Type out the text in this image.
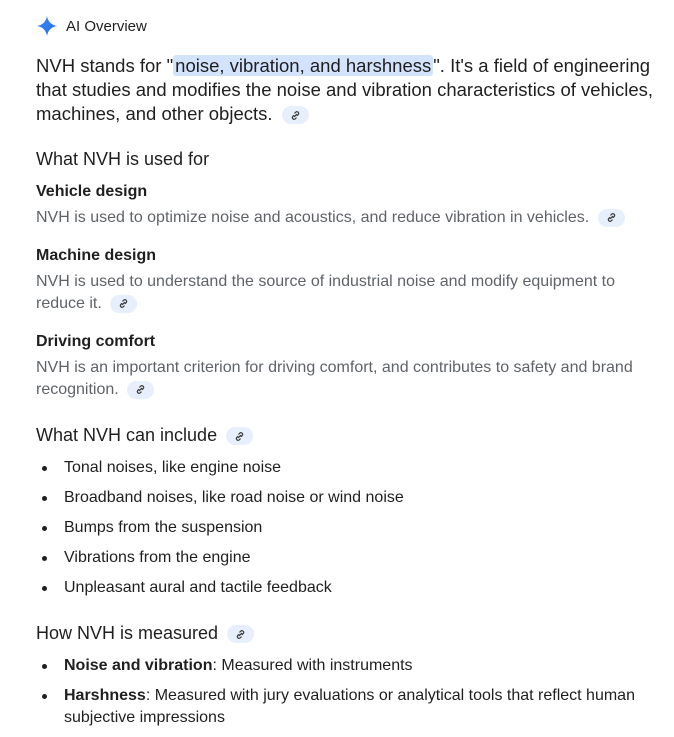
AI Overview
NVH stands for " noise, vibration, and harshness ". It's a field of engineering that studies and modifies the noise and vibration characteristics of vehicles, machines, and other objects.
What NVH is used for
Vehicle design
NVH is used to optimize noise and acoustics, and reduce vibration in vehicles.
Machine design
NVH is used to understand the source of industrial noise and modify equipment to reduce it.
Driving comfort
NVH is an important criterion for driving comfort, and contributes to safety and brand recognition.
What NVH can include
Tonal noises, like engine noise
Broadband noises, like road noise or wind noise
Bumps from the suspension
Vibrations from the engine
Unpleasant aural and tactile feedback
How NVH is measured
Noise and vibration: Measured with instruments
Harshness: Measured with jury evaluations or analytical tools that reflect human subjective impressions
